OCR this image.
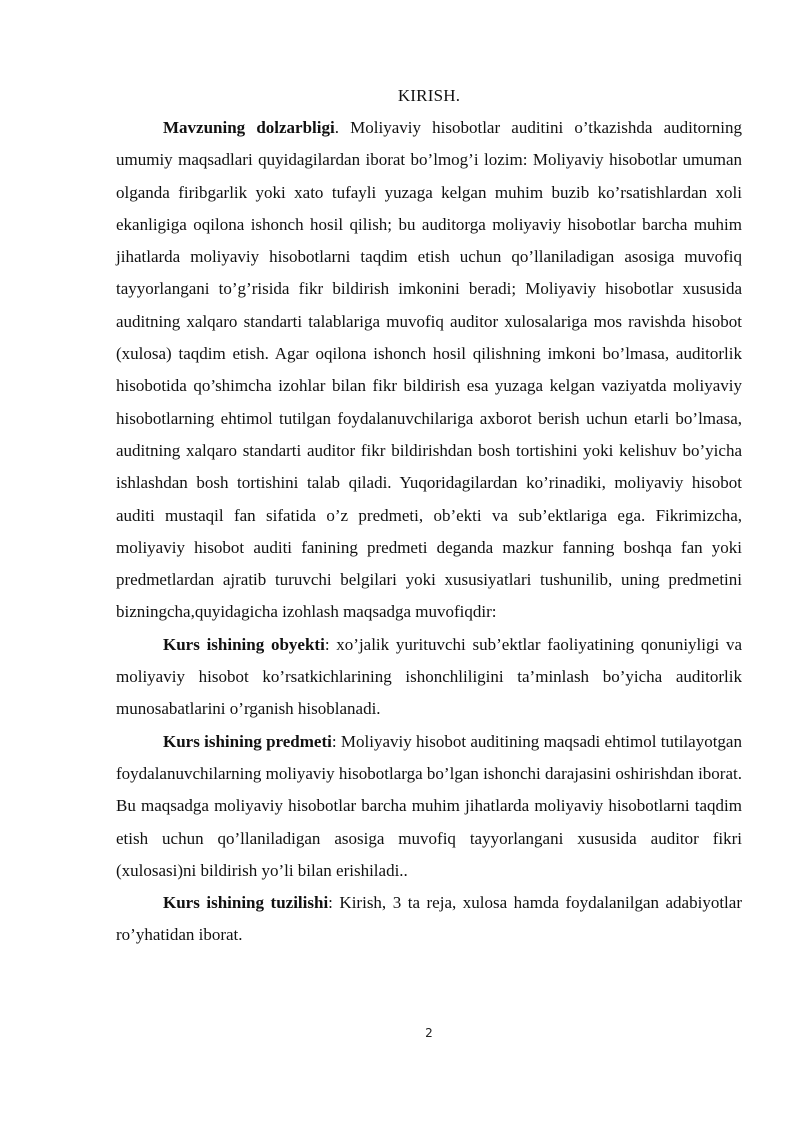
KIRISH.

Mavzuning dolzarbligi. Moliyaviy hisobotlar auditini o’tkazishda auditorning umumiy maqsadlari quyidagilardan iborat bo’lmog’i lozim: Moliyaviy hisobotlar umuman olganda firibgarlik yoki xato tufayli yuzaga kelgan muhim buzib ko’rsatishlardan xoli ekanligiga oqilona ishonch hosil qilish; bu auditorga moliyaviy hisobotlar barcha muhim jihatlarda moliyaviy hisobotlarni taqdim etish uchun qo’llaniladigan asosiga muvofiq tayyorlangani to’g’risida fikr bildirish imkonini beradi; Moliyaviy hisobotlar xususida auditning xalqaro standarti talablariga muvofiq auditor xulosalariga mos ravishda hisobot (xulosa) taqdim etish. Agar oqilona ishonch hosil qilishning imkoni bo’lmasa, auditorlik hisobotida qo’shimcha izohlar bilan fikr bildirish esa yuzaga kelgan vaziyatda moliyaviy hisobotlarning ehtimol tutilgan foydalanuvchilariga axborot berish uchun etarli bo’lmasa, auditning xalqaro standarti auditor fikr bildirishdan bosh tortishini yoki kelishuv bo’yicha ishlashdan bosh tortishini talab qiladi. Yuqoridagilardan ko’rinadiki, moliyaviy hisobot auditi mustaqil fan sifatida o’z predmeti, ob’ekti va sub’ektlariga ega. Fikrimizcha, moliyaviy hisobot auditi fanining predmeti deganda mazkur fanning boshqa fan yoki predmetlardan ajratib turuvchi belgilari yoki xususiyatlari tushunilib, uning predmetini bizningcha,quyidagicha izohlash maqsadga muvofiqdir:

Kurs ishining obyekti: xo’jalik yurituvchi sub’ektlar faoliyatining qonuniyligi va moliyaviy hisobot ko’rsatkichlarining ishonchliligini ta’minlash bo’yicha auditorlik munosabatlarini o’rganish hisoblanadi.

Kurs ishining predmeti: Moliyaviy hisobot auditining maqsadi ehtimol tutilayotgan foydalanuvchilarning moliyaviy hisobotlarga bo’lgan ishonchi darajasini oshirishdan iborat. Bu maqsadga moliyaviy hisobotlar barcha muhim jihatlarda moliyaviy hisobotlarni taqdim etish uchun qo’llaniladigan asosiga muvofiq tayyorlangani xususida auditor fikri (xulosasi)ni bildirish yo’li bilan erishiladi..

Kurs ishining tuzilishi: Kirish, 3 ta reja, xulosa hamda foydalanilgan adabiyotlar ro’yhatidan iborat.

2
